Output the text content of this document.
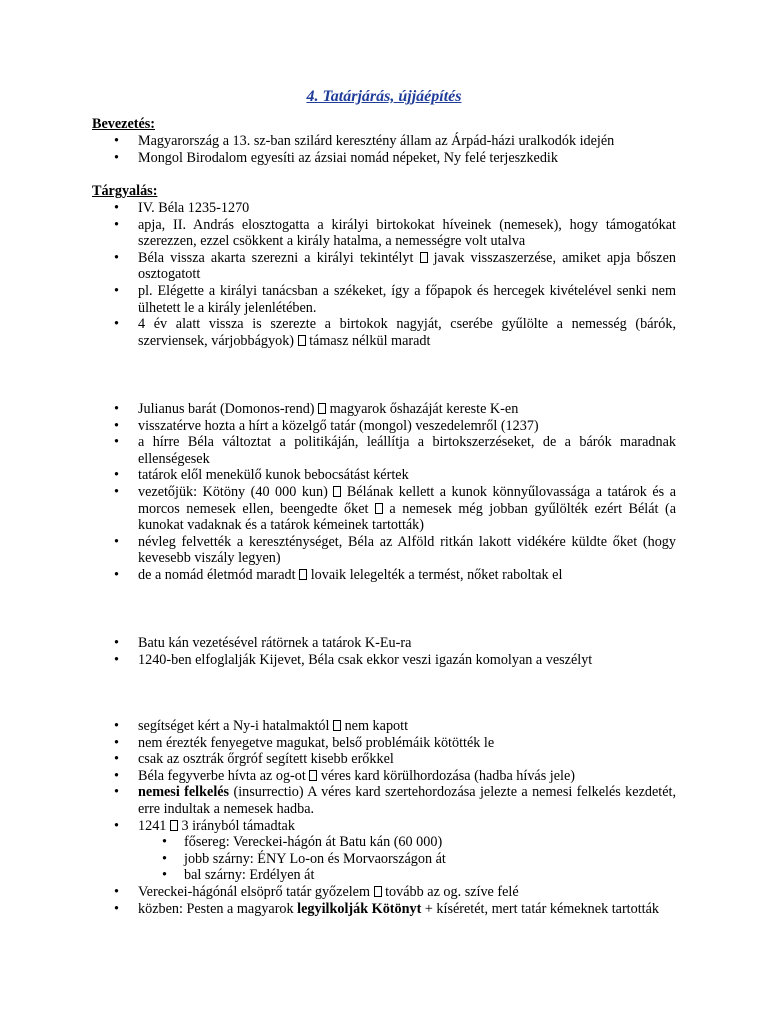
4. Tatárjárás, újjáépítés
Bevezetés:
• Magyarország a 13. sz-ban szilárd keresztény állam az Árpád-házi uralkodók idején
• Mongol Birodalom egyesíti az ázsiai nomád népeket, Ny felé terjeszkedik
Tárgyalás:
• IV. Béla 1235-1270
• apja, II. András elosztogatta a királyi birtokokat híveinek (nemesek), hogy támogatókat szerezzen, ezzel csökkent a király hatalma, a nemességre volt utalva
• Béla vissza akarta szerezni a királyi tekintélyt  javak visszaszerzése, amiket apja bőszen osztogatott
• pl. Elégette a királyi tanácsban a székeket, így a főpapok és hercegek kivételével senki nem ülhetett le a király jelenlétében.
• 4 év alatt vissza is szerezte a birtokok nagyját, cserébe gyűlölte a nemesség (bárók, szerviensek, várjobbágyok)  támasz nélkül maradt
• Julianus barát (Domonos-rend)  magyarok őshazáját kereste K-en
• visszatérve hozta a hírt a közelgő tatár (mongol) veszedelemről (1237)
• a hírre Béla változtat a politikáján, leállítja a birtokszerzéseket, de a bárók maradnak ellenségesek
• tatárok elől menekülő kunok bebocsátást kértek
• vezetőjük: Kötöny (40 000 kun)  Bélának kellett a kunok könnyűlovassága a tatárok és a morcos nemesek ellen, beengedte őket  a nemesek még jobban gyűlölték ezért Bélát (a kunokat vadaknak és a tatárok kémeinek tartották)
• névleg felvették a kereszténységet, Béla az Alföld ritkán lakott vidékére küldte őket (hogy kevesebb viszály legyen)
• de a nomád életmód maradt  lovaik lelegelték a termést, nőket raboltak el
• Batu kán vezetésével rátörnek a tatárok K-Eu-ra
• 1240-ben elfoglalják Kijevet, Béla csak ekkor veszi igazán komolyan a veszélyt
• segítséget kért a Ny-i hatalmaktól  nem kapott
• nem érezték fenyegetve magukat, belső problémáik kötötték le
• csak az osztrák őrgróf segített kisebb erőkkel
• Béla fegyverbe hívta az og-ot  véres kard körülhordozása (hadba hívás jele)
• nemesi felkelés (insurrectio) A véres kard szertehordozása jelezte a nemesi felkelés kezdetét, erre indultak a nemesek hadba.
• 1241  3 irányból támadtak
• fősereg: Vereckei-hágón át Batu kán (60 000)
• jobb szárny: ÉNY Lo-on és Morvaországon át
• bal szárny: Erdélyen át
• Vereckei-hágónál elsöprő tatár győzelem  tovább az og. szíve felé
• közben: Pesten a magyarok legyilkolják Kötönyt + kíséretét, mert tatár kémeknek tartották
